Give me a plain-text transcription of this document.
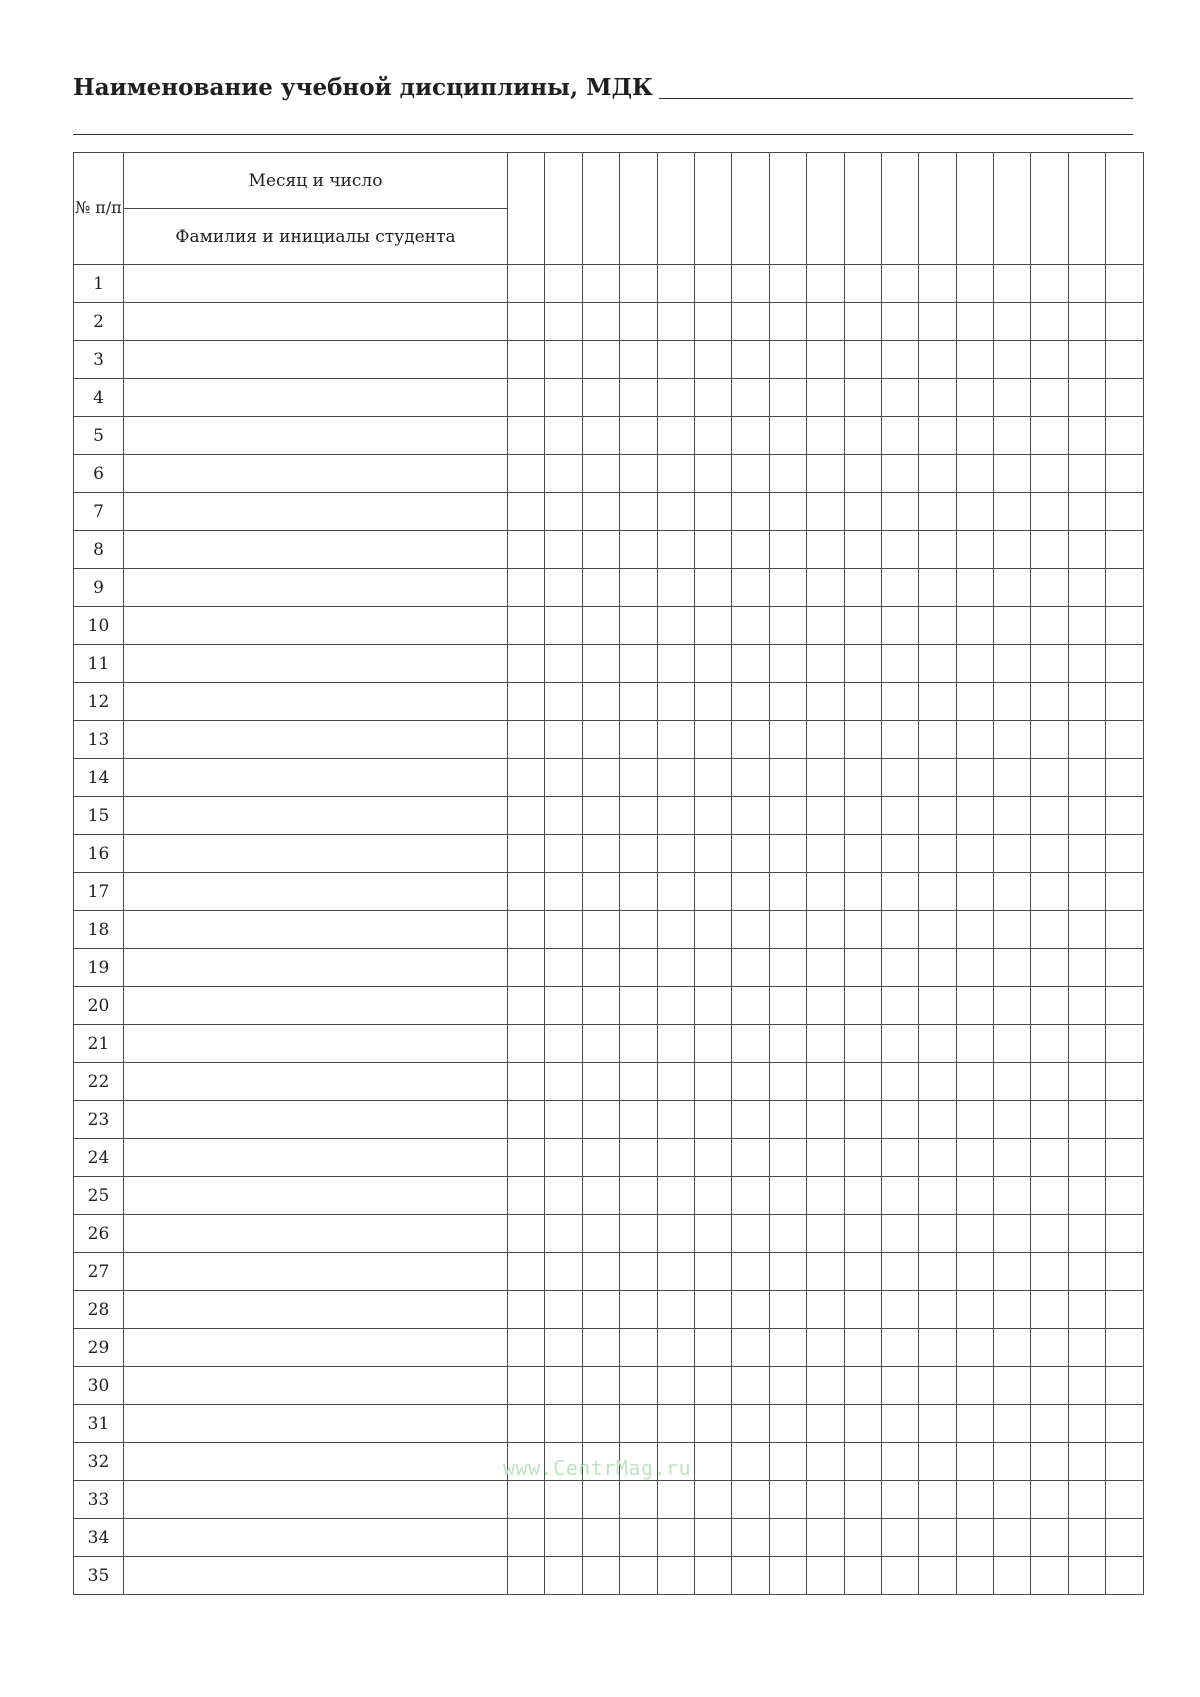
Наименование учебной дисциплины, МДК
№ п/п	Месяц и число																	
	Фамилия и инициалы студента																	
1																		
2																		
3																		
4																		
5																		
6																		
7																		
8																		
9																		
10																		
11																		
12																		
13																		
14																		
15																		
16																		
17																		
18																		
19																		
20																		
21																		
22																		
23																		
24																		
25																		
26																		
27																		
28																		
29																		
30																		
31																		
32																		
33																		
34																		
35																		
www.CentrMag.ru
